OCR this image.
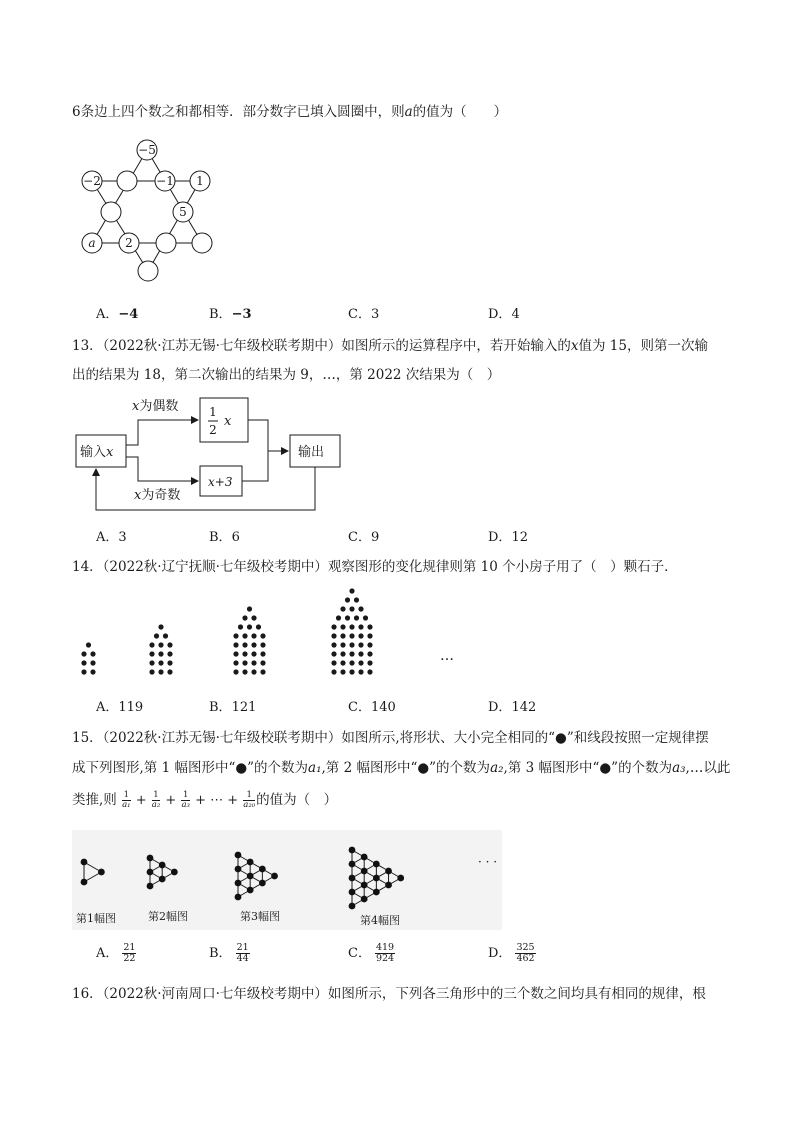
6条边上四个数之和都相等．部分数字已填入圆圈中，则a的值为（　　）
−5
−2	−1 1
5
a 2
A．−4	B．−3	C．3	D．4
13．（2022秋·江苏无锡·七年级校联考期中）如图所示的运算程序中，若开始输入的x值为 15，则第一次输
出的结果为 18，第二次输出的结果为 9，…，第 2022 次结果为（　）
输入x
x为偶数
x为奇数
1
2
x
x+3
输出
A．3	B．6	C．9	D．12
14．（2022秋·辽宁抚顺·七年级校考期中）观察图形的变化规律则第 10 个小房子用了（　）颗石子．
…
A．119	B．121	C．140	D．142
15．（2022秋·江苏无锡·七年级校联考期中）如图所示,将形状、大小完全相同的“●”和线段按照一定规律摆
成下列图形,第 1 幅图形中“●”的个数为a₁,第 2 幅图形中“●”的个数为a₂,第 3 幅图形中“●”的个数为a₃,…以此
类推,则 $\frac{1}{\text{a₁}} + \frac{1}{\text{a₂}} + \frac{1}{\text{a₃}}$ + ⋯ + $\frac{1}{\text{a₂₀}}$ 的值为（　）
第1幅图	第2幅图	第3幅图	第4幅图
· · ·
A． $\frac{21}{22}$	B． $\frac{21}{44}$	C． $\frac{419}{924}$	D． $\frac{325}{462}$
16．（2022秋·河南周口·七年级校考期中）如图所示，下列各三角形中的三个数之间均具有相同的规律，根
